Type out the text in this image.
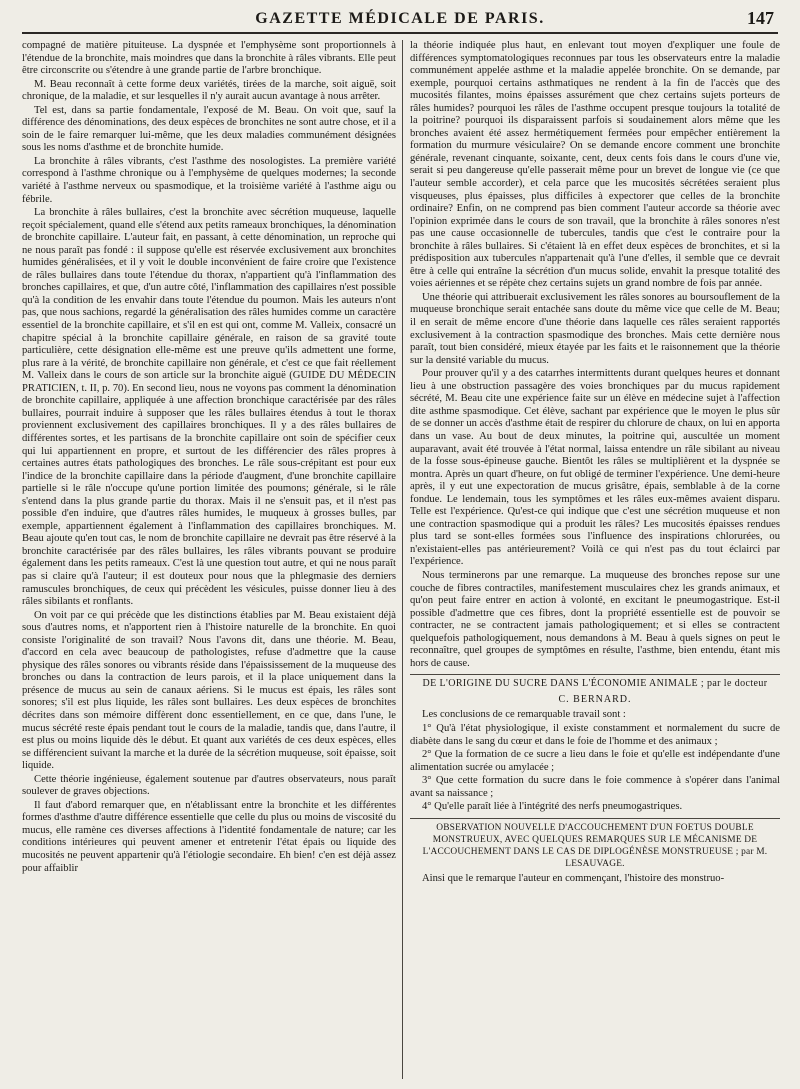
GAZETTE MÉDICALE DE PARIS.	147

compagné de matière pituiteuse. La dyspnée et l'emphysème sont proportionnels à l'étendue de la bronchite, mais moindres que dans la bronchite à râles vibrants. Elle peut être circonscrite ou s'étendre à une grande partie de l'arbre bronchique.

M. Beau reconnaît à cette forme deux variétés, tirées de la marche, soit aiguë, soit chronique, de la maladie, et sur lesquelles il n'y aurait aucun avantage à nous arrêter.

Tel est, dans sa partie fondamentale, l'exposé de M. Beau. On voit que, sauf la différence des dénominations, des deux espèces de bronchites ne sont autre chose, et il a soin de le faire remarquer lui-même, que les deux maladies communément désignées sous les noms d'asthme et de bronchite humide.

La bronchite à râles vibrants, c'est l'asthme des nosologistes. La première variété correspond à l'asthme chronique ou à l'emphysème de quelques modernes; la seconde variété à l'asthme nerveux ou spasmodique, et la troisième variété à l'asthme aigu ou fébrile.

La bronchite à râles bullaires, c'est la bronchite avec sécrétion muqueuse, laquelle reçoit spécialement, quand elle s'étend aux petits rameaux bronchiques, la dénomination de bronchite capillaire. L'auteur fait, en passant, à cette dénomination, un reproche qui ne nous paraît pas fondé : il suppose qu'elle est réservée exclusivement aux bronchites humides généralisées, et il y voit le double inconvénient de faire croire que l'existence de râles bullaires dans toute l'étendue du thorax, n'appartient qu'à l'inflammation des bronches capillaires, et que, d'un autre côté, l'inflammation des capillaires n'est possible qu'à la condition de les envahir dans toute l'étendue du poumon. Mais les auteurs n'ont pas, que nous sachions, regardé la généralisation des râles humides comme un caractère essentiel de la bronchite capillaire, et s'il en est qui ont, comme M. Valleix, consacré un chapitre spécial à la bronchite capillaire générale, en raison de sa gravité toute particulière, cette désignation elle-même est une preuve qu'ils admettent une forme, plus rare à la vérité, de bronchite capillaire non générale, et c'est ce que fait réellement M. Valleix dans le cours de son article sur la bronchite aiguë (GUIDE DU MÉDECIN PRATICIEN, t. II, p. 70). En second lieu, nous ne voyons pas comment la dénomination de bronchite capillaire, appliquée à une affection bronchique caractérisée par des râles bullaires, pourrait induire à supposer que les râles bullaires étendus à tout le thorax proviennent exclusivement des capillaires bronchiques. Il y a des râles bullaires de différentes sortes, et les partisans de la bronchite capillaire ont soin de spécifier ceux qui lui appartiennent en propre, et surtout de les différencier des râles propres à certaines autres états pathologiques des bronches. Le râle sous-crépitant est pour eux l'indice de la bronchite capillaire dans la période d'augment, d'une bronchite capillaire partielle si le râle n'occupe qu'une portion limitée des poumons; générale, si le râle s'entend dans la plus grande partie du thorax. Mais il ne s'ensuit pas, et il n'est pas possible d'en induire, que d'autres râles humides, le muqueux à grosses bulles, par exemple, appartiennent également à l'inflammation des capillaires bronchiques. M. Beau ajoute qu'en tout cas, le nom de bronchite capillaire ne devrait pas être réservé à la bronchite caractérisée par des râles bullaires, les râles vibrants pouvant se produire également dans les petits rameaux. C'est là une question tout autre, et qui ne nous paraît pas si claire qu'à l'auteur; il est douteux pour nous que la phlegmasie des derniers ramuscules bronchiques, de ceux qui précèdent les vésicules, puisse donner lieu à des râles sibilants et ronflants.

On voit par ce qui précède que les distinctions établies par M. Beau existaient déjà sous d'autres noms, et n'apportent rien à l'histoire naturelle de la bronchite. En quoi consiste l'originalité de son travail? Nous l'avons dit, dans une théorie. M. Beau, d'accord en cela avec beaucoup de pathologistes, refuse d'admettre que la cause physique des râles sonores ou vibrants réside dans l'épaississement de la muqueuse des bronches ou dans la contraction de leurs parois, et il la place uniquement dans la présence de mucus au sein de canaux aériens. Si le mucus est épais, les râles sont sonores; s'il est plus liquide, les râles sont bullaires. Les deux espèces de bronchites décrites dans son mémoire diffèrent donc essentiellement, en ce que, dans l'une, le mucus sécrété reste épais pendant tout le cours de la maladie, tandis que, dans l'autre, il est plus ou moins liquide dès le début. Et quant aux variétés de ces deux espèces, elles se différencient suivant la marche et la durée de la sécrétion muqueuse, soit épaisse, soit liquide.

Cette théorie ingénieuse, également soutenue par d'autres observateurs, nous paraît soulever de graves objections.

Il faut d'abord remarquer que, en n'établissant entre la bronchite et les différentes formes d'asthme d'autre différence essentielle que celle du plus ou moins de viscosité du mucus, elle ramène ces diverses affections à l'identité fondamentale de nature; car les conditions intérieures qui peuvent amener et entretenir l'état épais ou liquide des mucosités ne peuvent appartenir qu'à l'étiologie secondaire. Eh bien! c'en est déjà assez pour affaiblir

la théorie indiquée plus haut, en enlevant tout moyen d'expliquer une foule de différences symptomatologiques reconnues par tous les observateurs entre la maladie communément appelée asthme et la maladie appelée bronchite. On se demande, par exemple, pourquoi certains asthmatiques ne rendent à la fin de l'accès que des mucosités filantes, moins épaisses assurément que chez certains sujets porteurs de râles humides? pourquoi les râles de l'asthme occupent presque toujours la totalité de la poitrine? pourquoi ils disparaissent parfois si soudainement alors même que les bronches avaient été assez hermétiquement fermées pour empêcher entièrement la formation du murmure vésiculaire? On se demande encore comment une bronchite générale, revenant cinquante, soixante, cent, deux cents fois dans le cours d'une vie, serait si peu dangereuse qu'elle passerait même pour un brevet de longue vie (ce que l'auteur semble accorder), et cela parce que les mucosités sécrétées seraient plus visqueuses, plus épaisses, plus difficiles à expectorer que celles de la bronchite ordinaire? Enfin, on ne comprend pas bien comment l'auteur accorde sa théorie avec l'opinion exprimée dans le cours de son travail, que la bronchite à râles sonores n'est pas une cause occasionnelle de tubercules, tandis que c'est le contraire pour la bronchite à râles bullaires. Si c'étaient là en effet deux espèces de bronchites, et si la prédisposition aux tubercules n'appartenait qu'à l'une d'elles, il semble que ce devrait être à celle qui entraîne la sécrétion d'un mucus solide, envahit la presque totalité des voies aériennes et se répète chez certains sujets un grand nombre de fois par année.

Une théorie qui attribuerait exclusivement les râles sonores au boursouflement de la muqueuse bronchique serait entachée sans doute du même vice que celle de M. Beau; il en serait de même encore d'une théorie dans laquelle ces râles seraient rapportés exclusivement à la contraction spasmodique des bronches. Mais cette dernière nous paraît, tout bien considéré, mieux étayée par les faits et le raisonnement que la théorie sur la densité variable du mucus.

Pour prouver qu'il y a des catarrhes intermittents durant quelques heures et donnant lieu à une obstruction passagère des voies bronchiques par du mucus rapidement sécrété, M. Beau cite une expérience faite sur un élève en médecine sujet à l'affection dite asthme spasmodique. Cet élève, sachant par expérience que le moyen le plus sûr de se donner un accès d'asthme était de respirer du chlorure de chaux, on lui en apporta dans un vase. Au bout de deux minutes, la poitrine qui, auscultée un moment auparavant, avait été trouvée à l'état normal, laissa entendre un râle sibilant au niveau de la fosse sous-épineuse gauche. Bientôt les râles se multiplièrent et la dyspnée se montra. Après un quart d'heure, on fut obligé de terminer l'expérience. Une demi-heure après, il y eut une expectoration de mucus grisâtre, épais, semblable à de la corne fondue. Le lendemain, tous les symptômes et les râles eux-mêmes avaient disparu. Telle est l'expérience. Qu'est-ce qui indique que c'est une sécrétion muqueuse et non une contraction spasmodique qui a produit les râles? Les mucosités épaisses rendues plus tard se sont-elles formées sous l'influence des inspirations chlorurées, ou n'existaient-elles pas antérieurement? Voilà ce qui n'est pas du tout éclairci par l'expérience.

Nous terminerons par une remarque. La muqueuse des bronches repose sur une couche de fibres contractiles, manifestement musculaires chez les grands animaux, et qu'on peut faire entrer en action à volonté, en excitant le pneumogastrique. Est-il possible d'admettre que ces fibres, dont la propriété essentielle est de pouvoir se contracter, ne se contractent jamais pathologiquement; et si elles se contractent quelquefois pathologiquement, nous demandons à M. Beau à quels signes on peut le reconnaître, quel groupes de symptômes en résulte, l'asthme, bien entendu, étant mis hors de cause.

DE L'ORIGINE DU SUCRE DANS L'ÉCONOMIE ANIMALE ; par le docteur
C. BERNARD.

Les conclusions de ce remarquable travail sont :

1° Qu'à l'état physiologique, il existe constamment et normalement du sucre de diabète dans le sang du cœur et dans le foie de l'homme et des animaux ;

2° Que la formation de ce sucre a lieu dans le foie et qu'elle est indépendante d'une alimentation sucrée ou amylacée ;

3° Que cette formation du sucre dans le foie commence à s'opérer dans l'animal avant sa naissance ;

4° Qu'elle paraît liée à l'intégrité des nerfs pneumogastriques.

OBSERVATION NOUVELLE D'ACCOUCHEMENT D'UN FOETUS DOUBLE MONSTRUEUX, AVEC QUELQUES REMARQUES SUR LE MÉCANISME DE L'ACCOUCHEMENT DANS LE CAS DE DIPLOGÉNÈSE MONSTRUEUSE ; par M. LESAUVAGE.

Ainsi que le remarque l'auteur en commençant, l'histoire des monstruo-
